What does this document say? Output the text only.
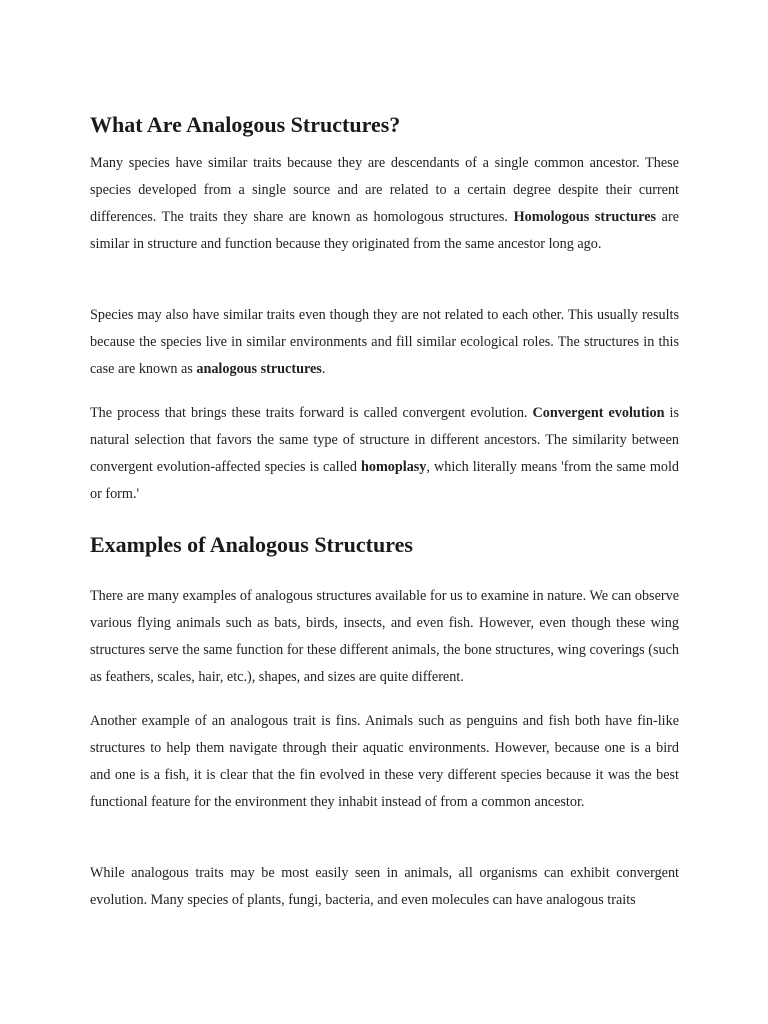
What Are Analogous Structures?

Many species have similar traits because they are descendants of a single common ancestor. These species developed from a single source and are related to a certain degree despite their current differences. The traits they share are known as homologous structures. Homologous structures are similar in structure and function because they originated from the same ancestor long ago.

Species may also have similar traits even though they are not related to each other. This usually results because the species live in similar environments and fill similar ecological roles. The structures in this case are known as analogous structures.

The process that brings these traits forward is called convergent evolution. Convergent evolution is natural selection that favors the same type of structure in different ancestors. The similarity between convergent evolution-affected species is called homoplasy, which literally means 'from the same mold or form.'

Examples of Analogous Structures

There are many examples of analogous structures available for us to examine in nature. We can observe various flying animals such as bats, birds, insects, and even fish. However, even though these wing structures serve the same function for these different animals, the bone structures, wing coverings (such as feathers, scales, hair, etc.), shapes, and sizes are quite different.

Another example of an analogous trait is fins. Animals such as penguins and fish both have fin-like structures to help them navigate through their aquatic environments. However, because one is a bird and one is a fish, it is clear that the fin evolved in these very different species because it was the best functional feature for the environment they inhabit instead of from a common ancestor.

While analogous traits may be most easily seen in animals, all organisms can exhibit convergent evolution. Many species of plants, fungi, bacteria, and even molecules can have analogous traits
